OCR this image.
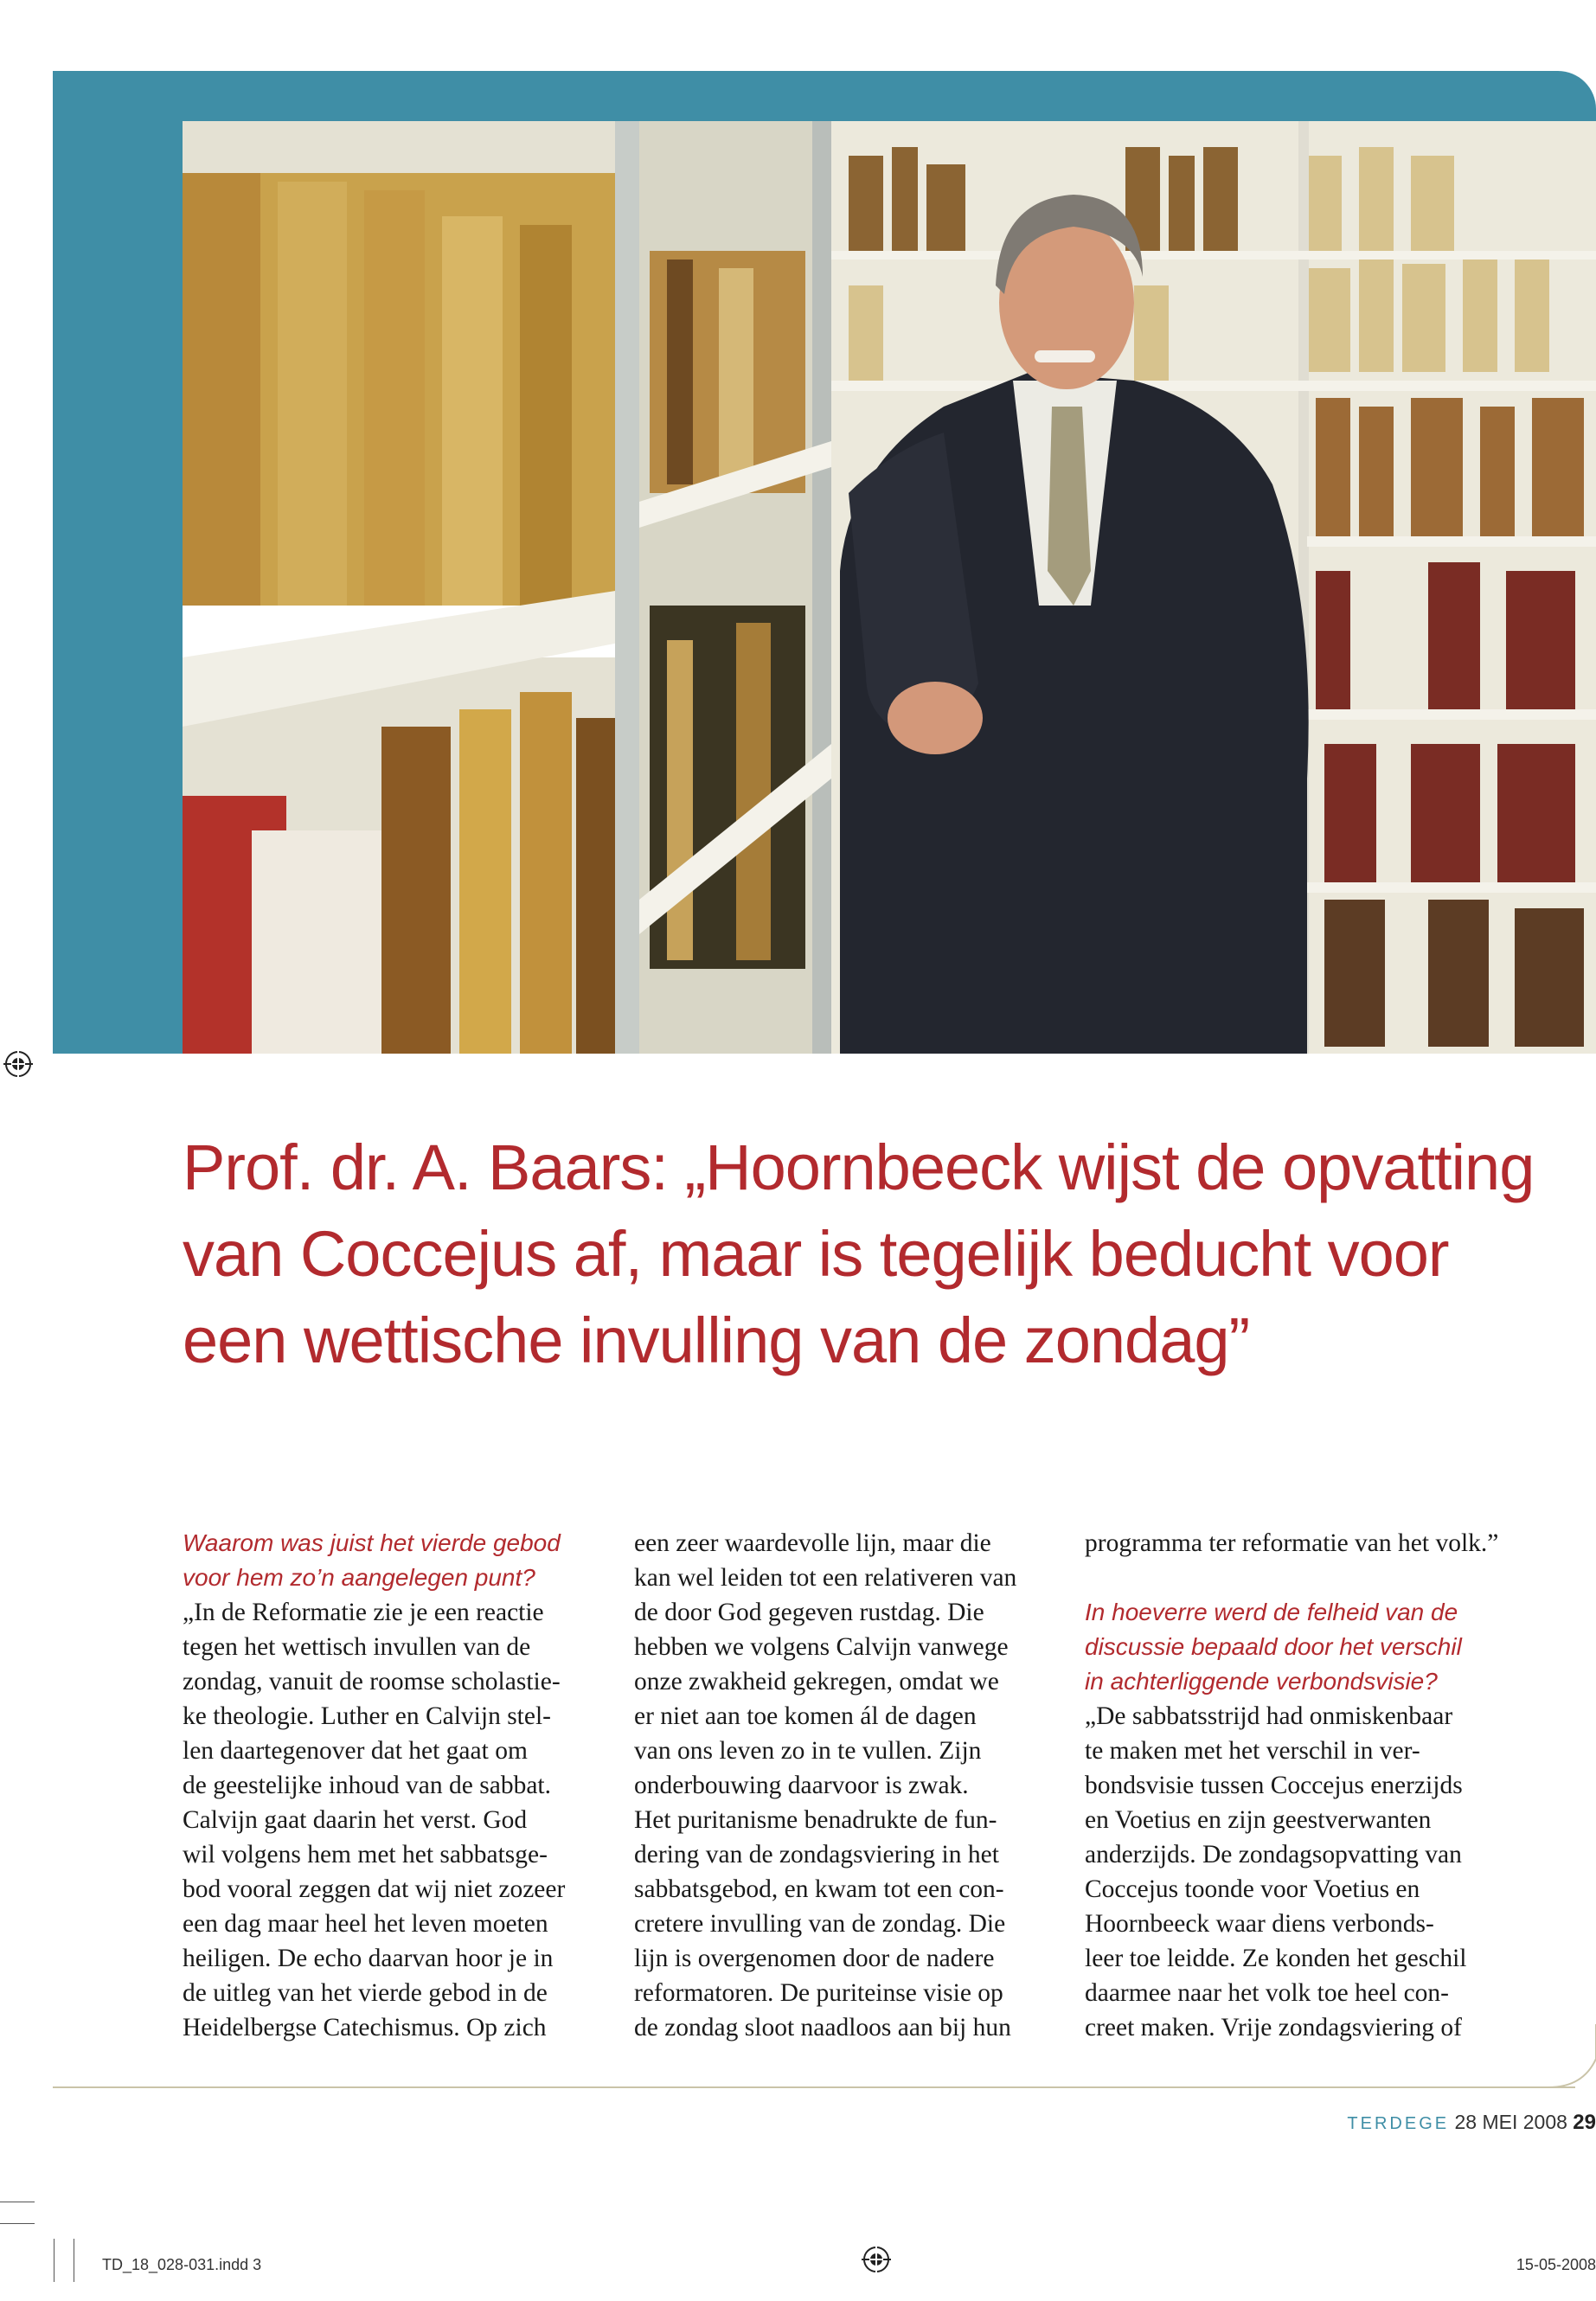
Prof. dr. A. Baars: „Hoornbeeck wijst de opvatting
van Coccejus af, maar is tegelijk beducht voor
een wettische invulling van de zondag”

Waarom was juist het vierde gebod
voor hem zo’n aangelegen punt?

„In de Reformatie zie je een reactie
tegen het wettisch invullen van de
zondag, vanuit de roomse scholastie-
ke theologie. Luther en Calvijn stel-
len daartegenover dat het gaat om
de geestelijke inhoud van de sabbat.
Calvijn gaat daarin het verst. God
wil volgens hem met het sabbatsge-
bod vooral zeggen dat wij niet zozeer
een dag maar heel het leven moeten
heiligen. De echo daarvan hoor je in
de uitleg van het vierde gebod in de
Heidelbergse Catechismus. Op zich

een zeer waardevolle lijn, maar die
kan wel leiden tot een relativeren van
de door God gegeven rustdag. Die
hebben we volgens Calvijn vanwege
onze zwakheid gekregen, omdat we
er niet aan toe komen ál de dagen
van ons leven zo in te vullen. Zijn
onderbouwing daarvoor is zwak.
Het puritanisme benadrukte de fun-
dering van de zondagsviering in het
sabbatsgebod, en kwam tot een con-
cretere invulling van de zondag. Die
lijn is overgenomen door de nadere
reformatoren. De puriteinse visie op
de zondag sloot naadloos aan bij hun

programma ter reformatie van het volk.”

In hoeverre werd de felheid van de
discussie bepaald door het verschil
in achterliggende verbondsvisie?

„De sabbatsstrijd had onmiskenbaar
te maken met het verschil in ver-
bondsvisie tussen Coccejus enerzijds
en Voetius en zijn geestverwanten
anderzijds. De zondagsopvatting van
Coccejus toonde voor Voetius en
Hoornbeeck waar diens verbonds-
leer toe leidde. Ze konden het geschil
daarmee naar het volk toe heel con-
creet maken. Vrije zondagsviering of

TERDEGE 28 MEI 2008 29
TD_18_028-031.indd 3	15-05-2008
